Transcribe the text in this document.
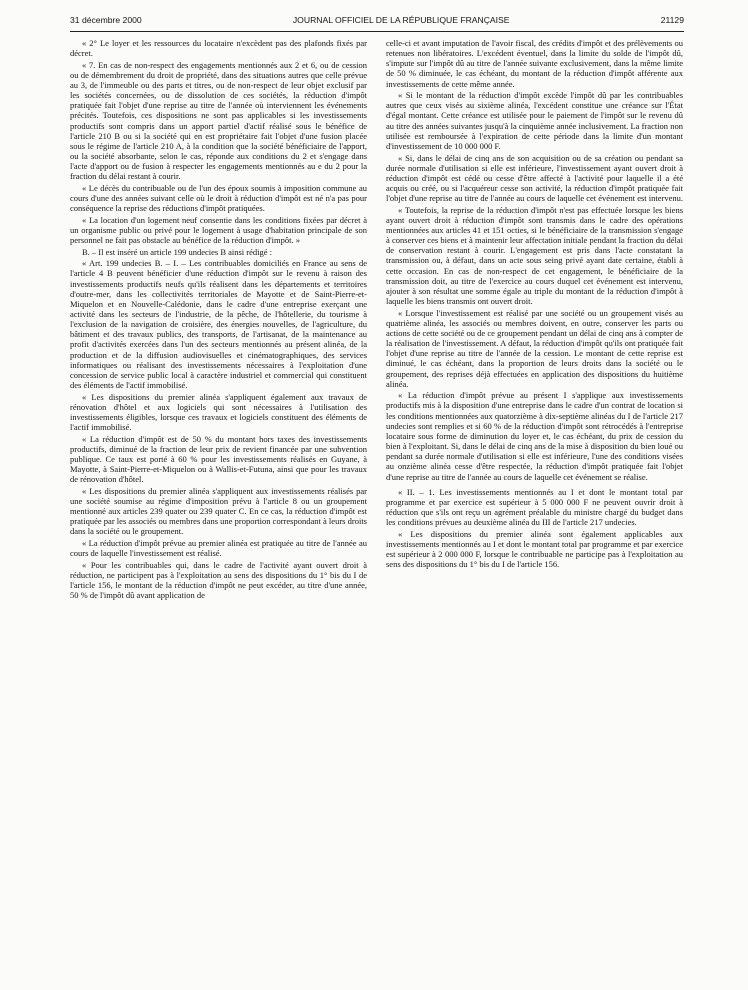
31 décembre 2000	JOURNAL OFFICIEL DE LA RÉPUBLIQUE FRANÇAISE	21129

« 2° Le loyer et les ressources du locataire n'excèdent pas des plafonds fixés par décret.

« 7. En cas de non-respect des engagements mentionnés aux 2 et 6, ou de cession ou de démembrement du droit de propriété, dans des situations autres que celle prévue au 3, de l'immeuble ou des parts et titres, ou de non-respect de leur objet exclusif par les sociétés concernées, ou de dissolution de ces sociétés, la réduction d'impôt pratiquée fait l'objet d'une reprise au titre de l'année où interviennent les événements précités. Toutefois, ces dispositions ne sont pas applicables si les investissements productifs sont compris dans un apport partiel d'actif réalisé sous le bénéfice de l'article 210 B ou si la société qui en est propriétaire fait l'objet d'une fusion placée sous le régime de l'article 210 A, à la condition que la société bénéficiaire de l'apport, ou la société absorbante, selon le cas, réponde aux conditions du 2 et s'engage dans l'acte d'apport ou de fusion à respecter les engagements mentionnés au e du 2 pour la fraction du délai restant à courir.

« Le décès du contribuable ou de l'un des époux soumis à imposition commune au cours d'une des années suivant celle où le droit à réduction d'impôt est né n'a pas pour conséquence la reprise des réductions d'impôt pratiquées.

« La location d'un logement neuf consentie dans les conditions fixées par décret à un organisme public ou privé pour le logement à usage d'habitation principale de son personnel ne fait pas obstacle au bénéfice de la réduction d'impôt. »

B. – Il est inséré un article 199 undecies B ainsi rédigé :

« Art. 199 undecies B. – I. – Les contribuables domiciliés en France au sens de l'article 4 B peuvent bénéficier d'une réduction d'impôt sur le revenu à raison des investissements productifs neufs qu'ils réalisent dans les départements et territoires d'outre-mer, dans les collectivités territoriales de Mayotte et de Saint-Pierre-et-Miquelon et en Nouvelle-Calédonie, dans le cadre d'une entreprise exerçant une activité dans les secteurs de l'industrie, de la pêche, de l'hôtellerie, du tourisme à l'exclusion de la navigation de croisière, des énergies nouvelles, de l'agriculture, du bâtiment et des travaux publics, des transports, de l'artisanat, de la maintenance au profit d'activités exercées dans l'un des secteurs mentionnés au présent alinéa, de la production et de la diffusion audiovisuelles et cinématographiques, des services informatiques ou réalisant des investissements nécessaires à l'exploitation d'une concession de service public local à caractère industriel et commercial qui constituent des éléments de l'actif immobilisé.

« Les dispositions du premier alinéa s'appliquent également aux travaux de rénovation d'hôtel et aux logiciels qui sont nécessaires à l'utilisation des investissements éligibles, lorsque ces travaux et logiciels constituent des éléments de l'actif immobilisé.

« La réduction d'impôt est de 50 % du montant hors taxes des investissements productifs, diminué de la fraction de leur prix de revient financée par une subvention publique. Ce taux est porté à 60 % pour les investissements réalisés en Guyane, à Mayotte, à Saint-Pierre-et-Miquelon ou à Wallis-et-Futuna, ainsi que pour les travaux de rénovation d'hôtel.

« Les dispositions du premier alinéa s'appliquent aux investissements réalisés par une société soumise au régime d'imposition prévu à l'article 8 ou un groupement mentionné aux articles 239 quater ou 239 quater C. En ce cas, la réduction d'impôt est pratiquée par les associés ou membres dans une proportion correspondant à leurs droits dans la société ou le groupement.

« La réduction d'impôt prévue au premier alinéa est pratiquée au titre de l'année au cours de laquelle l'investissement est réalisé.

« Pour les contribuables qui, dans le cadre de l'activité ayant ouvert droit à réduction, ne participent pas à l'exploitation au sens des dispositions du 1° bis du I de l'article 156, le montant de la réduction d'impôt ne peut excéder, au titre d'une année, 50 % de l'impôt dû avant application de

celle-ci et avant imputation de l'avoir fiscal, des crédits d'impôt et des prélèvements ou retenues non libératoires. L'excédent éventuel, dans la limite du solde de l'impôt dû, s'impute sur l'impôt dû au titre de l'année suivante exclusivement, dans la même limite de 50 % diminuée, le cas échéant, du montant de la réduction d'impôt afférente aux investissements de cette même année.

« Si le montant de la réduction d'impôt excède l'impôt dû par les contribuables autres que ceux visés au sixième alinéa, l'excédent constitue une créance sur l'État d'égal montant. Cette créance est utilisée pour le paiement de l'impôt sur le revenu dû au titre des années suivantes jusqu'à la cinquième année inclusivement. La fraction non utilisée est remboursée à l'expiration de cette période dans la limite d'un montant d'investissement de 10 000 000 F.

« Si, dans le délai de cinq ans de son acquisition ou de sa création ou pendant sa durée normale d'utilisation si elle est inférieure, l'investissement ayant ouvert droit à réduction d'impôt est cédé ou cesse d'être affecté à l'activité pour laquelle il a été acquis ou créé, ou si l'acquéreur cesse son activité, la réduction d'impôt pratiquée fait l'objet d'une reprise au titre de l'année au cours de laquelle cet événement est intervenu.

« Toutefois, la reprise de la réduction d'impôt n'est pas effectuée lorsque les biens ayant ouvert droit à réduction d'impôt sont transmis dans le cadre des opérations mentionnées aux articles 41 et 151 octies, si le bénéficiaire de la transmission s'engage à conserver ces biens et à maintenir leur affectation initiale pendant la fraction du délai de conservation restant à courir. L'engagement est pris dans l'acte constatant la transmission ou, à défaut, dans un acte sous seing privé ayant date certaine, établi à cette occasion. En cas de non-respect de cet engagement, le bénéficiaire de la transmission doit, au titre de l'exercice au cours duquel cet événement est intervenu, ajouter à son résultat une somme égale au triple du montant de la réduction d'impôt à laquelle les biens transmis ont ouvert droit.

« Lorsque l'investissement est réalisé par une société ou un groupement visés au quatrième alinéa, les associés ou membres doivent, en outre, conserver les parts ou actions de cette société ou de ce groupement pendant un délai de cinq ans à compter de la réalisation de l'investissement. A défaut, la réduction d'impôt qu'ils ont pratiquée fait l'objet d'une reprise au titre de l'année de la cession. Le montant de cette reprise est diminué, le cas échéant, dans la proportion de leurs droits dans la société ou le groupement, des reprises déjà effectuées en application des dispositions du huitième alinéa.

« La réduction d'impôt prévue au présent I s'applique aux investissements productifs mis à la disposition d'une entreprise dans le cadre d'un contrat de location si les conditions mentionnées aux quatorzième à dix-septième alinéas du I de l'article 217 undecies sont remplies et si 60 % de la réduction d'impôt sont rétrocédés à l'entreprise locataire sous forme de diminution du loyer et, le cas échéant, du prix de cession du bien à l'exploitant. Si, dans le délai de cinq ans de la mise à disposition du bien loué ou pendant sa durée normale d'utilisation si elle est inférieure, l'une des conditions visées au onzième alinéa cesse d'être respectée, la réduction d'impôt pratiquée fait l'objet d'une reprise au titre de l'année au cours de laquelle cet événement se réalise.

« II. – 1. Les investissements mentionnés au I et dont le montant total par programme et par exercice est supérieur à 5 000 000 F ne peuvent ouvrir droit à réduction que s'ils ont reçu un agrément préalable du ministre chargé du budget dans les conditions prévues au deuxième alinéa du III de l'article 217 undecies.

« Les dispositions du premier alinéa sont également applicables aux investissements mentionnés au I et dont le montant total par programme et par exercice est supérieur à 2 000 000 F, lorsque le contribuable ne participe pas à l'exploitation au sens des dispositions du 1° bis du I de l'article 156.
